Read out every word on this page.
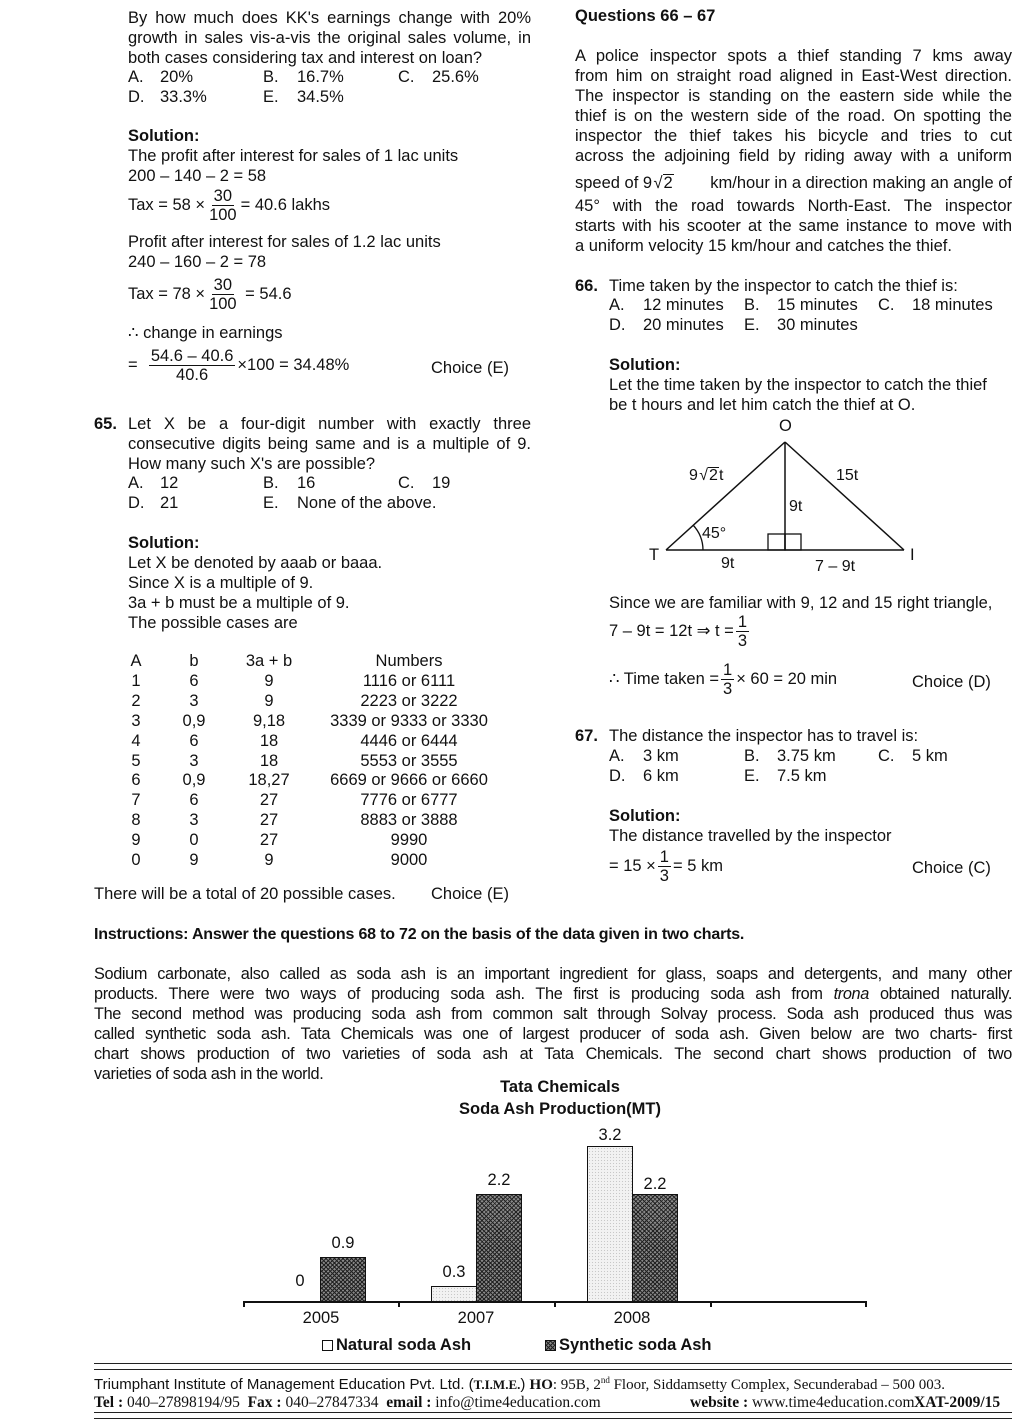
By how much does KK's earnings change with 20%
growth in sales vis-a-vis the original sales volume, in
both cases considering tax and interest on loan?
A. 20%	B. 16.7%	C. 25.6%
D. 33.3%	E. 34.5%
Solution:
The profit after interest for sales of 1 lac units
200 – 140 – 2 = 58
Tax = $58 \times \frac{30}{100} = 40.6$ lakhs
Profit after interest for sales of 1.2 lac units
240 – 160 – 2 = 78
Tax = $78 \times \frac{30}{100} = 54.6$
∴ change in earnings
= $\frac{54.6 - 40.6}{40.6} \times 100 = 34.48\%$	Choice (E)
65. Let X be a four-digit number with exactly three
consecutive digits being same and is a multiple of 9.
How many such X's are possible?
A. 12	B. 16	C. 19
D. 21	E. None of the above.
Solution:
Let X be denoted by aaab or baaa.
Since X is a multiple of 9.
3a + b must be a multiple of 9.
The possible cases are
A	b	3a + b	Numbers
1	6	9	1116 or 6111
2	3	9	2223 or 3222
3	0,9	9,18	3339 or 9333 or 3330
4	6	18	4446 or 6444
5	3	18	5553 or 3555
6	0,9	18,27	6669 or 9666 or 6660
7	6	27	7776 or 6777
8	3	27	8883 or 3888
9	0	27	9990
0	9	9	9000
There will be a total of 20 possible cases. Choice (E)
Questions 66 – 67
A police inspector spots a thief standing 7 kms away
from him on straight road aligned in East-West direction.
The inspector is standing on the eastern side while the
thief is on the western side of the road. On spotting the
inspector the thief takes his bicycle and tries to cut
across the adjoining field by riding away with a uniform
speed of 9 √2 km/hour in a direction making an angle of
45° with the road towards North-East. The inspector
starts with his scooter at the same instance to move with
a uniform velocity 15 km/hour and catches the thief.
66. Time taken by the inspector to catch the thief is:
A. 12 minutes B. 15 minutes C. 18 minutes
D. 20 minutes E. 30 minutes
Solution:
Let the time taken by the inspector to catch the thief
be t hours and let him catch the thief at O.
O
T	I
9 √2t	15t
9t
45°
9t	7 – 9t
Since we are familiar with 9, 12 and 15 right triangle,
7 – 9t = 12t ⇒ $t = \frac{1}{3}$
∴ Time taken = $\frac{1}{3} \times 60 = 20$ min	Choice (D)
67. The distance the inspector has to travel is:
A. 3 km	B. 3.75 km	C. 5 km
D. 6 km	E. 7.5 km
Solution:
The distance travelled by the inspector
= $15 \times \frac{1}{3} = 5$ km	Choice (C)
Instructions: Answer the questions 68 to 72 on the basis of the data given in two charts.
Sodium carbonate, also called as soda ash is an important ingredient for glass, soaps and detergents, and many other
products. There were two ways of producing soda ash. The first is producing soda ash from trona obtained naturally.
The second method was producing soda ash from common salt through Solvay process. Soda ash produced thus was
called synthetic soda ash. Tata Chemicals was one of largest producer of soda ash. Given below are two charts- first
chart shows production of two varieties of soda ash at Tata Chemicals. The second chart shows production of two
varieties of soda ash in the world.
Tata Chemicals
Soda Ash Production(MT)
0
0.9
0.3
2.2
3.2
2.2
2005	2007	2008
Natural soda Ash	Synthetic soda Ash
Triumphant Institute of Management Education Pvt. Ltd. (T.I.M.E.) HO: 95B, 2nd Floor, Siddamsetty Complex, Secunderabad – 500 003.
Tel : 040–27898194/95 Fax : 040–27847334 email : info@time4education.com	website : www.time4education.com XAT-2009/15
